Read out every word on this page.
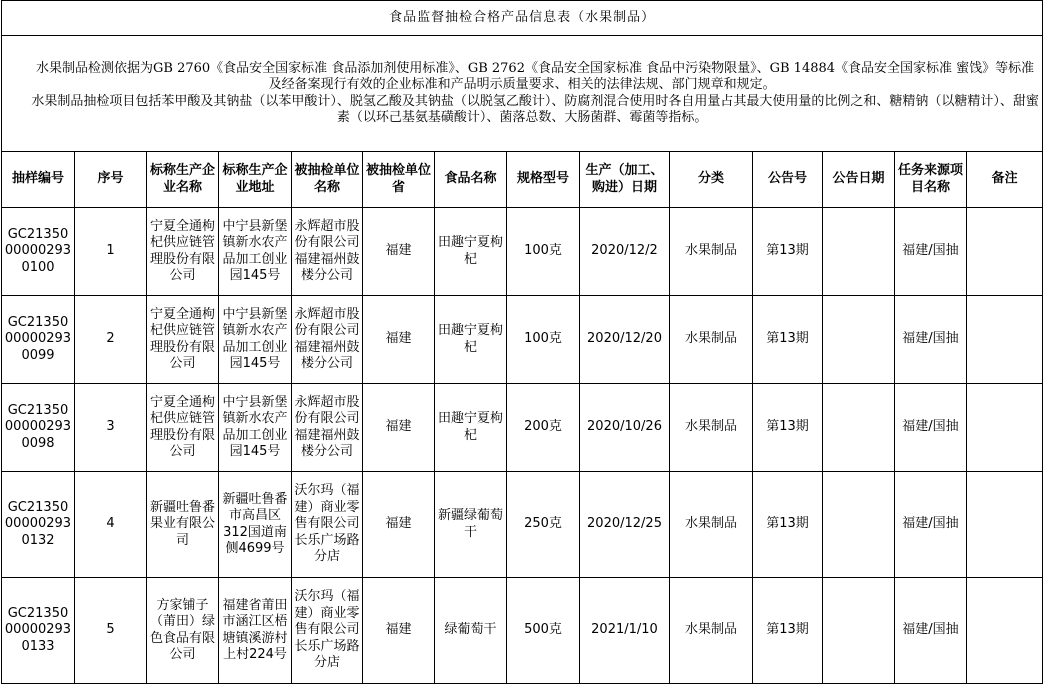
食品监督抽检合格产品信息表（水果制品）													

水果制品检测依据为GB 2760《食品安全国家标准 食品添加剂使用标准》、GB 2762《食品安全国家标准 食品中污染物限量》、GB 14884《食品安全国家标准 蜜饯》等标准及经备案现行有效的企业标准和产品明示质量要求、相关的法律法规、部门规章和规定。

水果制品抽检项目包括苯甲酸及其钠盐（以苯甲酸计）、脱氢乙酸及其钠盐（以脱氢乙酸计）、防腐剂混合使用时各自用量占其最大使用量的比例之和、糖精钠（以糖精计）、甜蜜素（以环己基氨基磺酸计）、菌落总数、大肠菌群、霉菌等指标。													

抽样编号	序号	标称生产企业名称	标称生产企业地址	被抽检单位名称	被抽检单位省	食品名称	规格型号	生产（加工、购进）日期	分类	公告号	公告日期	任务来源项目名称	备注
GC21350000002930100	1	宁夏全通枸杞供应链管理股份有限公司	中宁县新堡镇新水农产品加工创业园145号	永辉超市股份有限公司福建福州鼓楼分公司	福建	田趣宁夏枸杞	100克	2020/12/2	水果制品	第13期		福建/国抽	
GC21350000002930099	2	宁夏全通枸杞供应链管理股份有限公司	中宁县新堡镇新水农产品加工创业园145号	永辉超市股份有限公司福建福州鼓楼分公司	福建	田趣宁夏枸杞	100克	2020/12/20	水果制品	第13期		福建/国抽	
GC21350000002930098	3	宁夏全通枸杞供应链管理股份有限公司	中宁县新堡镇新水农产品加工创业园145号	永辉超市股份有限公司福建福州鼓楼分公司	福建	田趣宁夏枸杞	200克	2020/10/26	水果制品	第13期		福建/国抽	
GC21350000002930132	4	新疆吐鲁番果业有限公司	新疆吐鲁番市高昌区312国道南侧4699号	沃尔玛（福建）商业零售有限公司长乐广场路分店	福建	新疆绿葡萄干	250克	2020/12/25	水果制品	第13期		福建/国抽	
GC21350000002930133	5	方家铺子（莆田）绿色食品有限公司	福建省莆田市涵江区梧塘镇溪游村上村224号	沃尔玛（福建）商业零售有限公司长乐广场路分店	福建	绿葡萄干	500克	2021/1/10	水果制品	第13期		福建/国抽	
